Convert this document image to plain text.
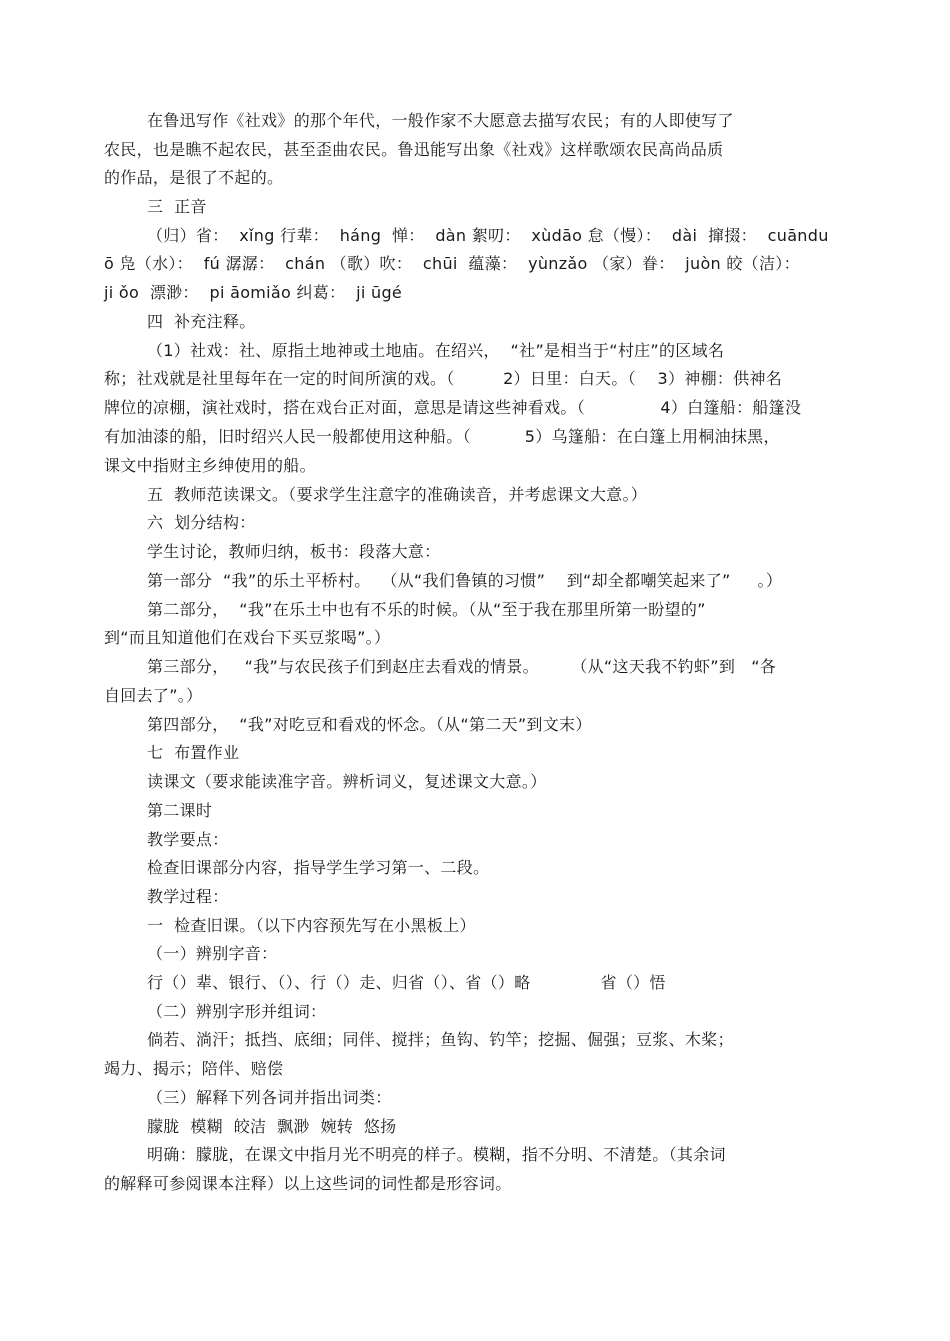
在鲁迅写作《社戏》的那个年代，一般作家不大愿意去描写农民；有的人即使写了
农民，也是瞧不起农民，甚至歪曲农民。鲁迅能写出象《社戏》这样歌颂农民高尚品质
的作品，是很了不起的。
三  正音
（归）省：  xǐng 行辈：  háng  惮：  dàn 絮叨：  xùdāo 怠（慢）：  dài  撺掇：  cuāndu
ō 凫（水）：  fú 潺潺：  chán （歌）吹：  chūi  蕴藻：  yùnzǎo （家）眷：  juòn 皎（洁）：
ji ǒo  漂渺：  pi āomiǎo 纠葛：  ji ūgé
四  补充注释。
（1）社戏：社、原指土地神或土地庙。在绍兴，  “社”是相当于“村庄”的区域名
称；社戏就是社里每年在一定的时间所演的戏。（         2）日里：白天。（    3）神棚：供神名
牌位的凉棚，演社戏时，搭在戏台正对面，意思是请这些神看戏。（              4）白篷船：船篷没
有加油漆的船，旧时绍兴人民一般都使用这种船。（          5）乌篷船：在白篷上用桐油抹黑，
课文中指财主乡绅使用的船。
五  教师范读课文。（要求学生注意字的准确读音，并考虑课文大意。）
六  划分结构：
学生讨论，教师归纳，板书：段落大意：
第一部分  “我”的乐土平桥村。  （从“我们鲁镇的习惯”    到“却全都嘲笑起来了”     。）
第二部分，  “我”在乐土中也有不乐的时候。（从“至于我在那里所第一盼望的”
到“而且知道他们在戏台下买豆浆喝”。）
第三部分，   “我”与农民孩子们到赵庄去看戏的情景。      （从“这天我不钓虾”到   “各
自回去了”。）
第四部分，  “我”对吃豆和看戏的怀念。（从“第二天”到文末）
七  布置作业
读课文（要求能读准字音。辨析词义，复述课文大意。）
第二课时
教学要点：
检查旧课部分内容，指导学生学习第一、二段。
教学过程：
一  检查旧课。（以下内容预先写在小黑板上）
（一）辨别字音：
行（）辈、银行、（）、行（）走、归省（）、省（）略             省（）悟
（二）辨别字形并组词：
倘若、淌汗；抵挡、底细；同伴、搅拌；鱼钩、钓竿；挖掘、倔强；豆浆、木桨；
竭力、揭示；陪伴、赔偿
（三）解释下列各词并指出词类：
朦胧  模糊  皎洁  飘渺  婉转  悠扬
明确：朦胧，在课文中指月光不明亮的样子。模糊，指不分明、不清楚。（其余词
的解释可参阅课本注释）以上这些词的词性都是形容词。
